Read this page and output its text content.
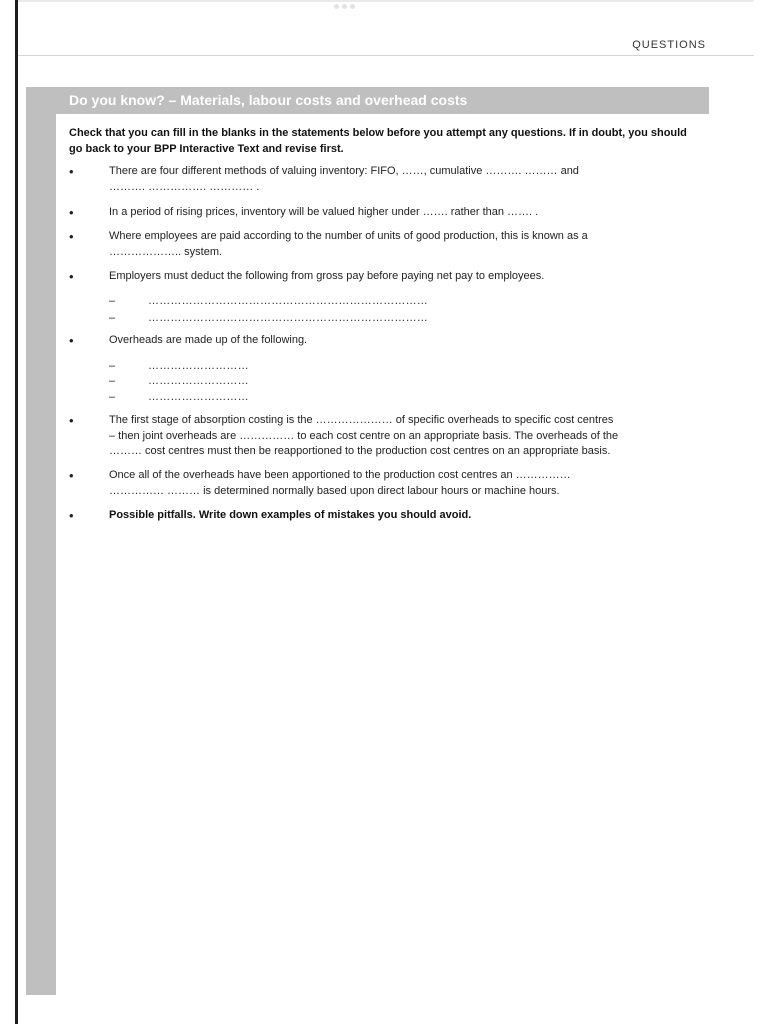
QUESTIONS
Do you know? – Materials, labour costs and overhead costs
Check that you can fill in the blanks in the statements below before you attempt any questions. If in doubt, you should go back to your BPP Interactive Text and revise first.
•	There are four different methods of valuing inventory: FIFO, ……, cumulative ………. ……… and
………. ……………. ………… .
•	In a period of rising prices, inventory will be valued higher under ……. rather than ……. .
•	Where employees are paid according to the number of units of good production, this is known as a
……………….. system.
•	Employers must deduct the following from gross pay before paying net pay to employees.
–	…………………………………………………………………
–	…………………………………………………………………
•	Overheads are made up of the following.
–	………………………
–	………………………
–	………………………
•	The first stage of absorption costing is the ………………… of specific overheads to specific cost centres
– then joint overheads are …………… to each cost centre on an appropriate basis. The overheads of the
……… cost centres must then be reapportioned to the production cost centres on an appropriate basis.
•	Once all of the overheads have been apportioned to the production cost centres an ……………
…………… ……… is determined normally based upon direct labour hours or machine hours.
•	Possible pitfalls. Write down examples of mistakes you should avoid.
